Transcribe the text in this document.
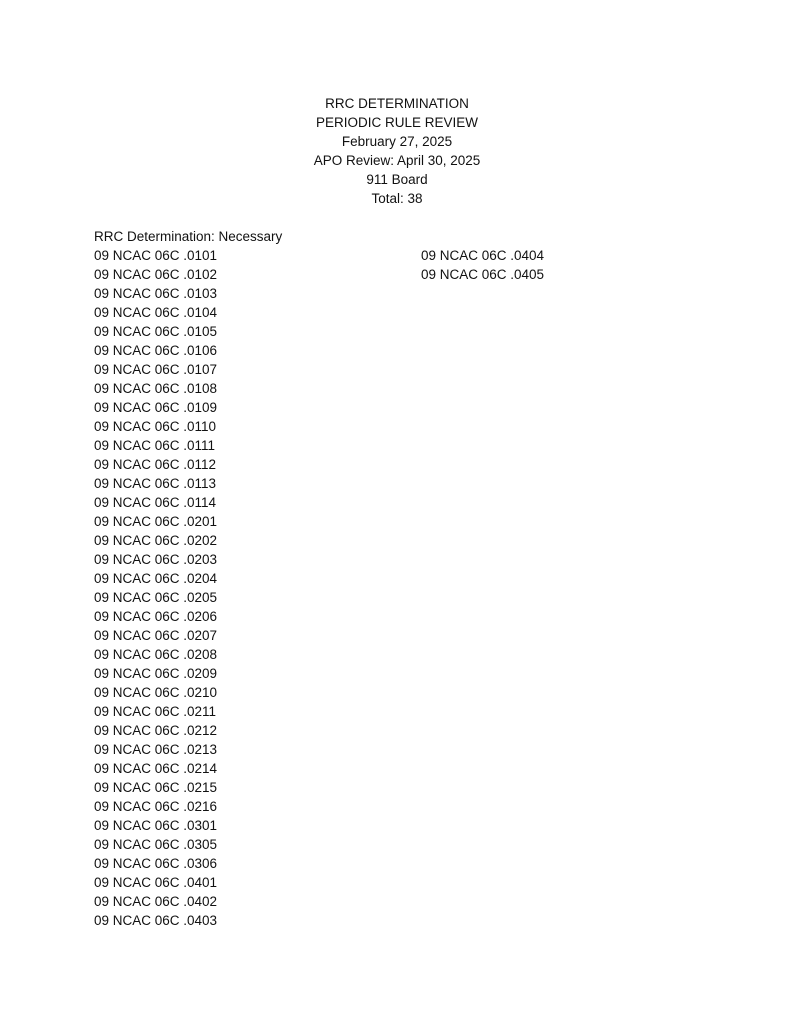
RRC DETERMINATION
PERIODIC RULE REVIEW
February 27, 2025
APO Review: April 30, 2025
911 Board
Total: 38
RRC Determination: Necessary
09 NCAC 06C .0101
09 NCAC 06C .0102
09 NCAC 06C .0103
09 NCAC 06C .0104
09 NCAC 06C .0105
09 NCAC 06C .0106
09 NCAC 06C .0107
09 NCAC 06C .0108
09 NCAC 06C .0109
09 NCAC 06C .0110
09 NCAC 06C .0111
09 NCAC 06C .0112
09 NCAC 06C .0113
09 NCAC 06C .0114
09 NCAC 06C .0201
09 NCAC 06C .0202
09 NCAC 06C .0203
09 NCAC 06C .0204
09 NCAC 06C .0205
09 NCAC 06C .0206
09 NCAC 06C .0207
09 NCAC 06C .0208
09 NCAC 06C .0209
09 NCAC 06C .0210
09 NCAC 06C .0211
09 NCAC 06C .0212
09 NCAC 06C .0213
09 NCAC 06C .0214
09 NCAC 06C .0215
09 NCAC 06C .0216
09 NCAC 06C .0301
09 NCAC 06C .0305
09 NCAC 06C .0306
09 NCAC 06C .0401
09 NCAC 06C .0402
09 NCAC 06C .0403
09 NCAC 06C .0404
09 NCAC 06C .0405
